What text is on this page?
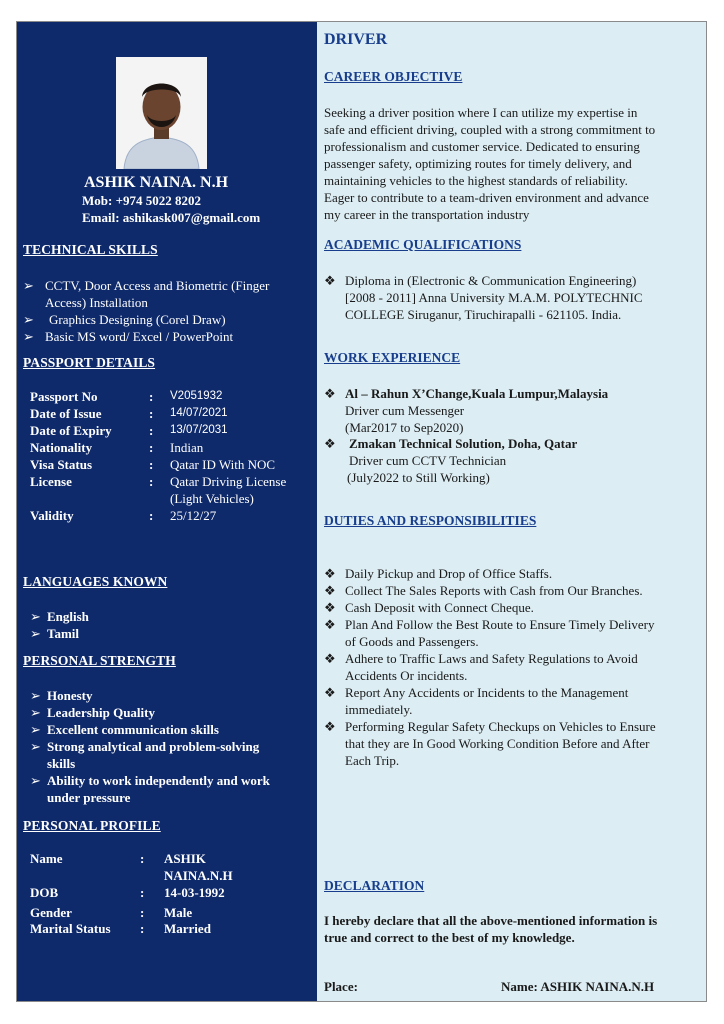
ASHIK NAINA. N.H
Mob: +974 5022 8202
Email: ashikask007@gmail.com
TECHNICAL SKILLS
➢ CCTV, Door Access and Biometric (Finger
Access) Installation
➢ Graphics Designing (Corel Draw)
➢ Basic MS word/ Excel / PowerPoint
PASSPORT DETAILS
Passport No	: V2051932
Date of Issue	: 14/07/2021
Date of Expiry	: 13/07/2031
Nationality	: Indian
Visa Status	: Qatar ID With NOC
License	: Qatar Driving License
(Light Vehicles)
Validity	: 25/12/27
LANGUAGES KNOWN
➢ English
➢ Tamil
PERSONAL STRENGTH
➢ Honesty
➢ Leadership Quality
➢ Excellent communication skills
➢ Strong analytical and problem-solving
skills
➢ Ability to work independently and work
under pressure
PERSONAL PROFILE
Name	: ASHIK
NAINA.N.H
DOB	: 14-03-1992
Gender	: Male
Marital Status : Married
DRIVER
CAREER OBJECTIVE
Seeking a driver position where I can utilize my expertise in
safe and efficient driving, coupled with a strong commitment to
professionalism and customer service. Dedicated to ensuring
passenger safety, optimizing routes for timely delivery, and
maintaining vehicles to the highest standards of reliability.
Eager to contribute to a team-driven environment and advance
my career in the transportation industry
ACADEMIC QUALIFICATIONS
❖ Diploma in (Electronic & Communication Engineering)
[2008 - 2011] Anna University M.A.M. POLYTECHNIC
COLLEGE Siruganur, Tiruchirapalli - 621105. India.
WORK EXPERIENCE
❖ Al – Rahun X’Change,Kuala Lumpur,Malaysia
Driver cum Messenger
(Mar2017 to Sep2020)
❖ Zmakan Technical Solution, Doha, Qatar
Driver cum CCTV Technician
(July2022 to Still Working)
DUTIES AND RESPONSIBILITIES
❖ Daily Pickup and Drop of Office Staffs.
❖ Collect The Sales Reports with Cash from Our Branches.
❖ Cash Deposit with Connect Cheque.
❖ Plan And Follow the Best Route to Ensure Timely Delivery
of Goods and Passengers.
❖ Adhere to Traffic Laws and Safety Regulations to Avoid
Accidents Or incidents.
❖ Report Any Accidents or Incidents to the Management
immediately.
❖ Performing Regular Safety Checkups on Vehicles to Ensure
that they are In Good Working Condition Before and After
Each Trip.
DECLARATION
I hereby declare that all the above-mentioned information is
true and correct to the best of my knowledge.
Place:	Name: ASHIK NAINA.N.H
